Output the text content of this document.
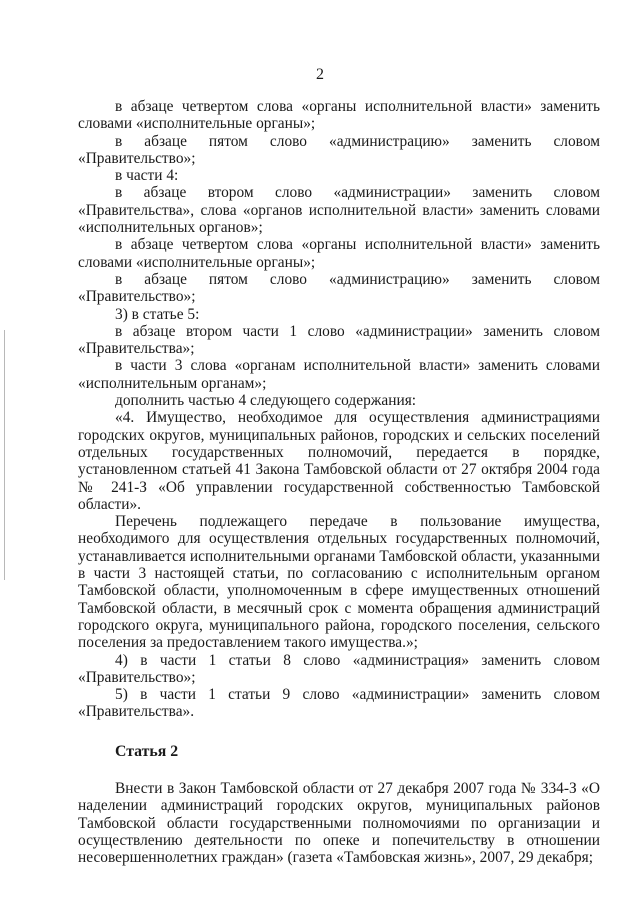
2

в абзаце четвертом слова «органы исполнительной власти» заменить словами «исполнительные органы»;

в абзаце пятом слово «администрацию» заменить словом «Правительство»;

в части 4:

в абзаце втором слово «администрации» заменить словом «Правительства», слова «органов исполнительной власти» заменить словами «исполнительных органов»;

в абзаце четвертом слова «органы исполнительной власти» заменить словами «исполнительные органы»;

в абзаце пятом слово «администрацию» заменить словом «Правительство»;

3) в статье 5:

в абзаце втором части 1 слово «администрации» заменить словом «Правительства»;

в части 3 слова «органам исполнительной власти» заменить словами «исполнительным органам»;

дополнить частью 4 следующего содержания:

«4. Имущество, необходимое для осуществления администрациями городских округов, муниципальных районов, городских и сельских поселений отдельных государственных полномочий, передается в порядке, установленном статьей 41 Закона Тамбовской области от 27 октября 2004 года № 241-З «Об управлении государственной собственностью Тамбовской области».

Перечень подлежащего передаче в пользование имущества, необходимого для осуществления отдельных государственных полномочий, устанавливается исполнительными органами Тамбовской области, указанными в части 3 настоящей статьи, по согласованию с исполнительным органом Тамбовской области, уполномоченным в сфере имущественных отношений Тамбовской области, в месячный срок с момента обращения администраций городского округа, муниципального района, городского поселения, сельского поселения за предоставлением такого имущества.»;

4) в части 1 статьи 8 слово «администрация» заменить словом «Правительство»;

5) в части 1 статьи 9 слово «администрации» заменить словом «Правительства».

Статья 2

Внести в Закон Тамбовской области от 27 декабря 2007 года № 334-З «О наделении администраций городских округов, муниципальных районов Тамбовской области государственными полномочиями по организации и осуществлению деятельности по опеке и попечительству в отношении несовершеннолетних граждан» (газета «Тамбовская жизнь», 2007, 29 декабря;
